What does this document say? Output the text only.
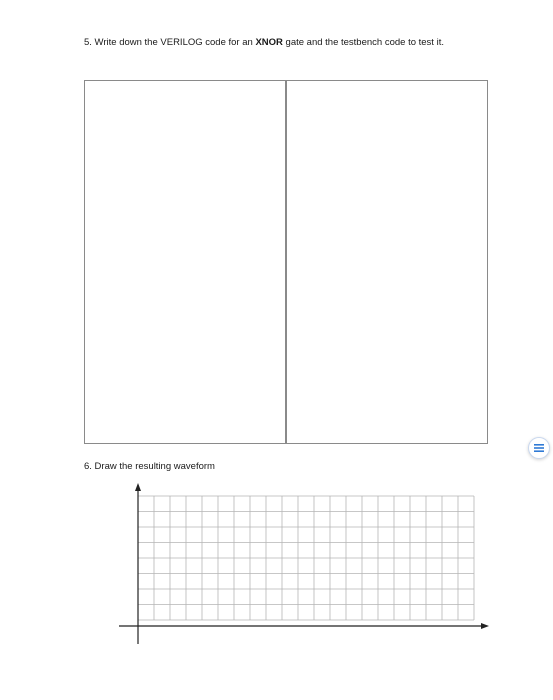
5. Write down the VERILOG code for an XNOR gate and the testbench code to test it.
6. Draw the resulting waveform
